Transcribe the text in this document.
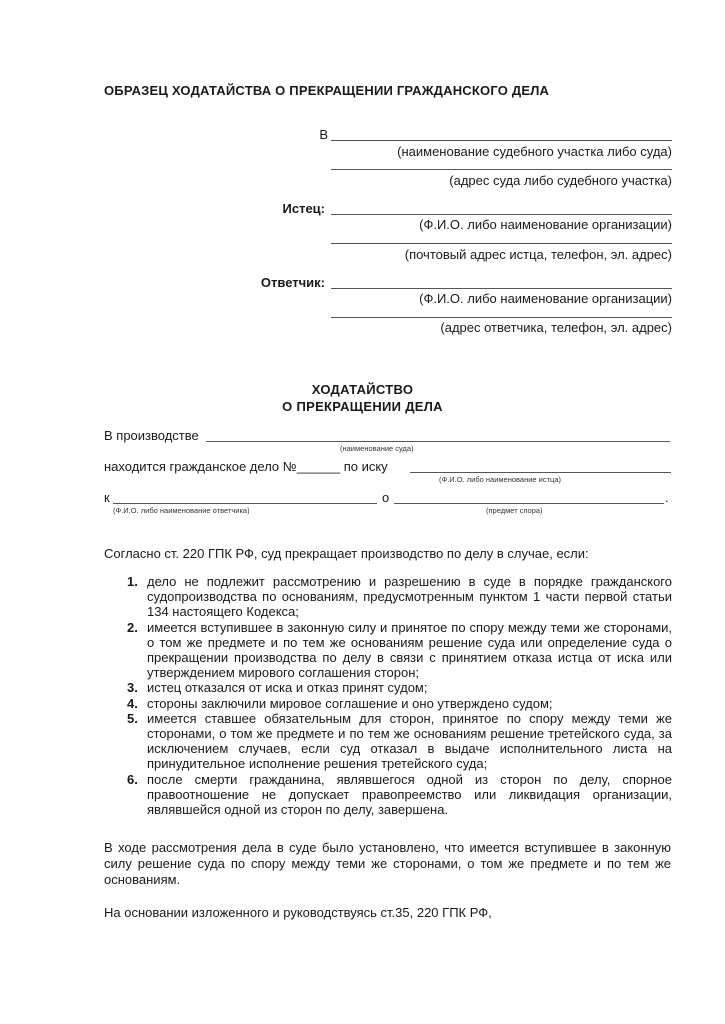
ОБРАЗЕЦ ХОДАТАЙСТВА О ПРЕКРАЩЕНИИ ГРАЖДАНСКОГО ДЕЛА
В
(наименование судебного участка либо суда)
(адрес суда либо судебного участка)
Истец:
(Ф.И.О. либо наименование организации)
(почтовый адрес истца, телефон, эл. адрес)
Ответчик:
(Ф.И.О. либо наименование организации)
(адрес ответчика, телефон, эл. адрес)
ХОДАТАЙСТВО
О ПРЕКРАЩЕНИИ ДЕЛА
В производстве
(наименование суда)
находится гражданское дело №______ по иску
(Ф.И.О. либо наименование истца)
к	о	.
(Ф.И.О. либо наименование ответчика)	(предмет спора)
Согласно ст. 220 ГПК РФ, суд прекращает производство по делу в случае, если:
1. дело не подлежит рассмотрению и разрешению в суде в порядке гражданского судопроизводства по основаниям, предусмотренным пунктом 1 части первой статьи 134 настоящего Кодекса;
2. имеется вступившее в законную силу и принятое по спору между теми же сторонами, о том же предмете и по тем же основаниям решение суда или определение суда о прекращении производства по делу в связи с принятием отказа истца от иска или утверждением мирового соглашения сторон;
3. истец отказался от иска и отказ принят судом;
4. стороны заключили мировое соглашение и оно утверждено судом;
5. имеется ставшее обязательным для сторон, принятое по спору между теми же сторонами, о том же предмете и по тем же основаниям решение третейского суда, за исключением случаев, если суд отказал в выдаче исполнительного листа на принудительное исполнение решения третейского суда;
6. после смерти гражданина, являвшегося одной из сторон по делу, спорное правоотношение не допускает правопреемство или ликвидация организации, являвшейся одной из сторон по делу, завершена.
В ходе рассмотрения дела в суде было установлено, что имеется вступившее в законную силу решение суда по спору между теми же сторонами, о том же предмете и по тем же основаниям.
На основании изложенного и руководствуясь ст.35, 220 ГПК РФ,
